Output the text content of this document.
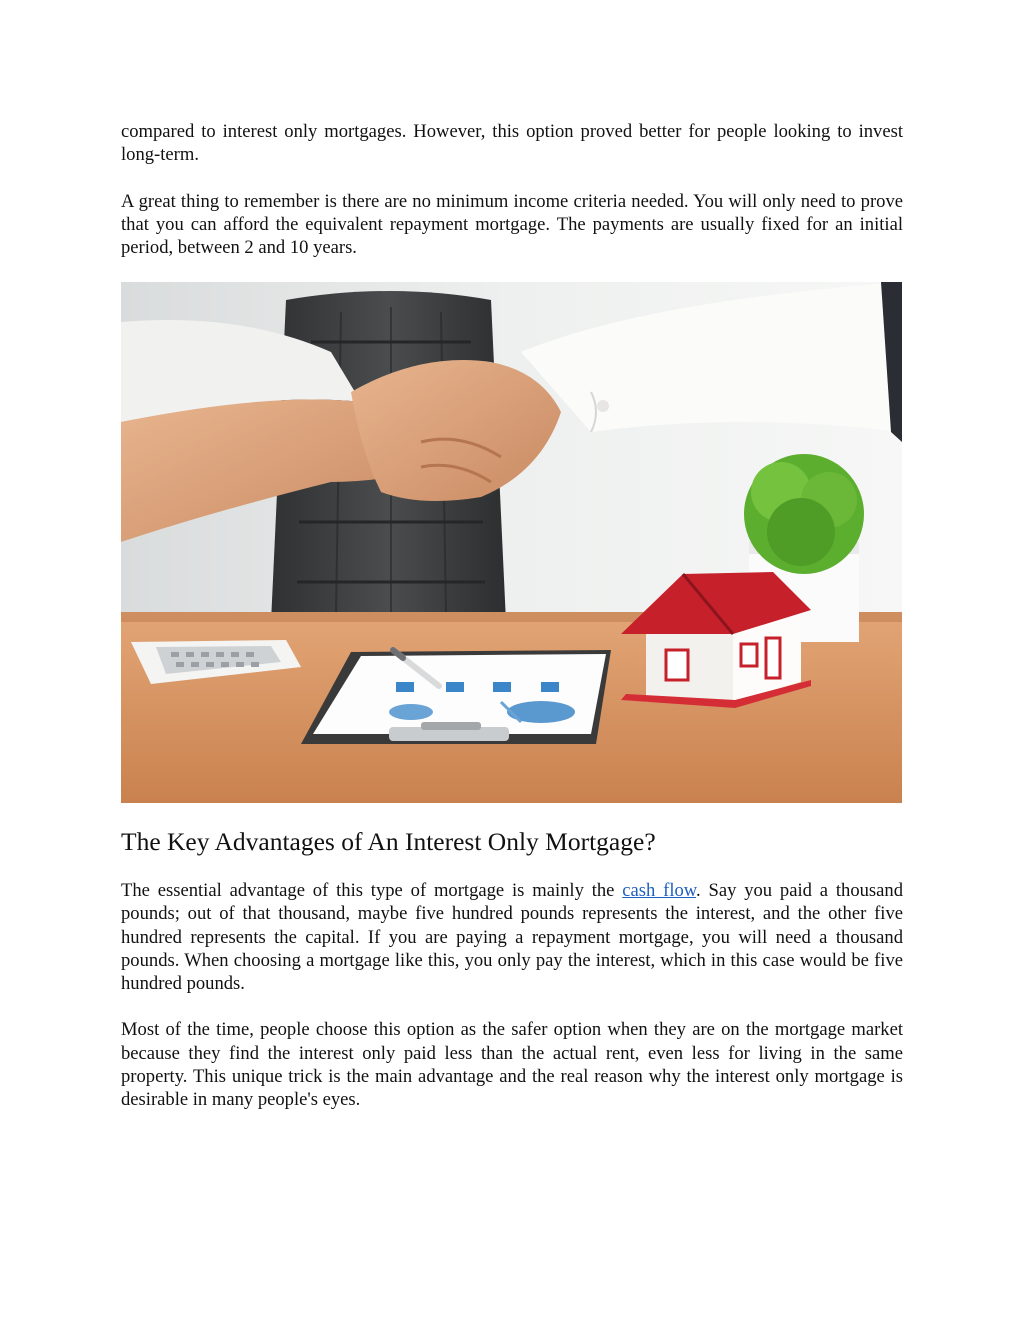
compared to interest only mortgages. However, this option proved better for people looking to invest long-term.

A great thing to remember is there are no minimum income criteria needed. You will only need to prove that you can afford the equivalent repayment mortgage. The payments are usually fixed for an initial period, between 2 and 10 years.

The Key Advantages of An Interest Only Mortgage?

The essential advantage of this type of mortgage is mainly the cash flow. Say you paid a thousand pounds; out of that thousand, maybe five hundred pounds represents the interest, and the other five hundred represents the capital. If you are paying a repayment mortgage, you will need a thousand pounds. When choosing a mortgage like this, you only pay the interest, which in this case would be five hundred pounds.

Most of the time, people choose this option as the safer option when they are on the mortgage market because they find the interest only paid less than the actual rent, even less for living in the same property. This unique trick is the main advantage and the real reason why the interest only mortgage is desirable in many people's eyes.
